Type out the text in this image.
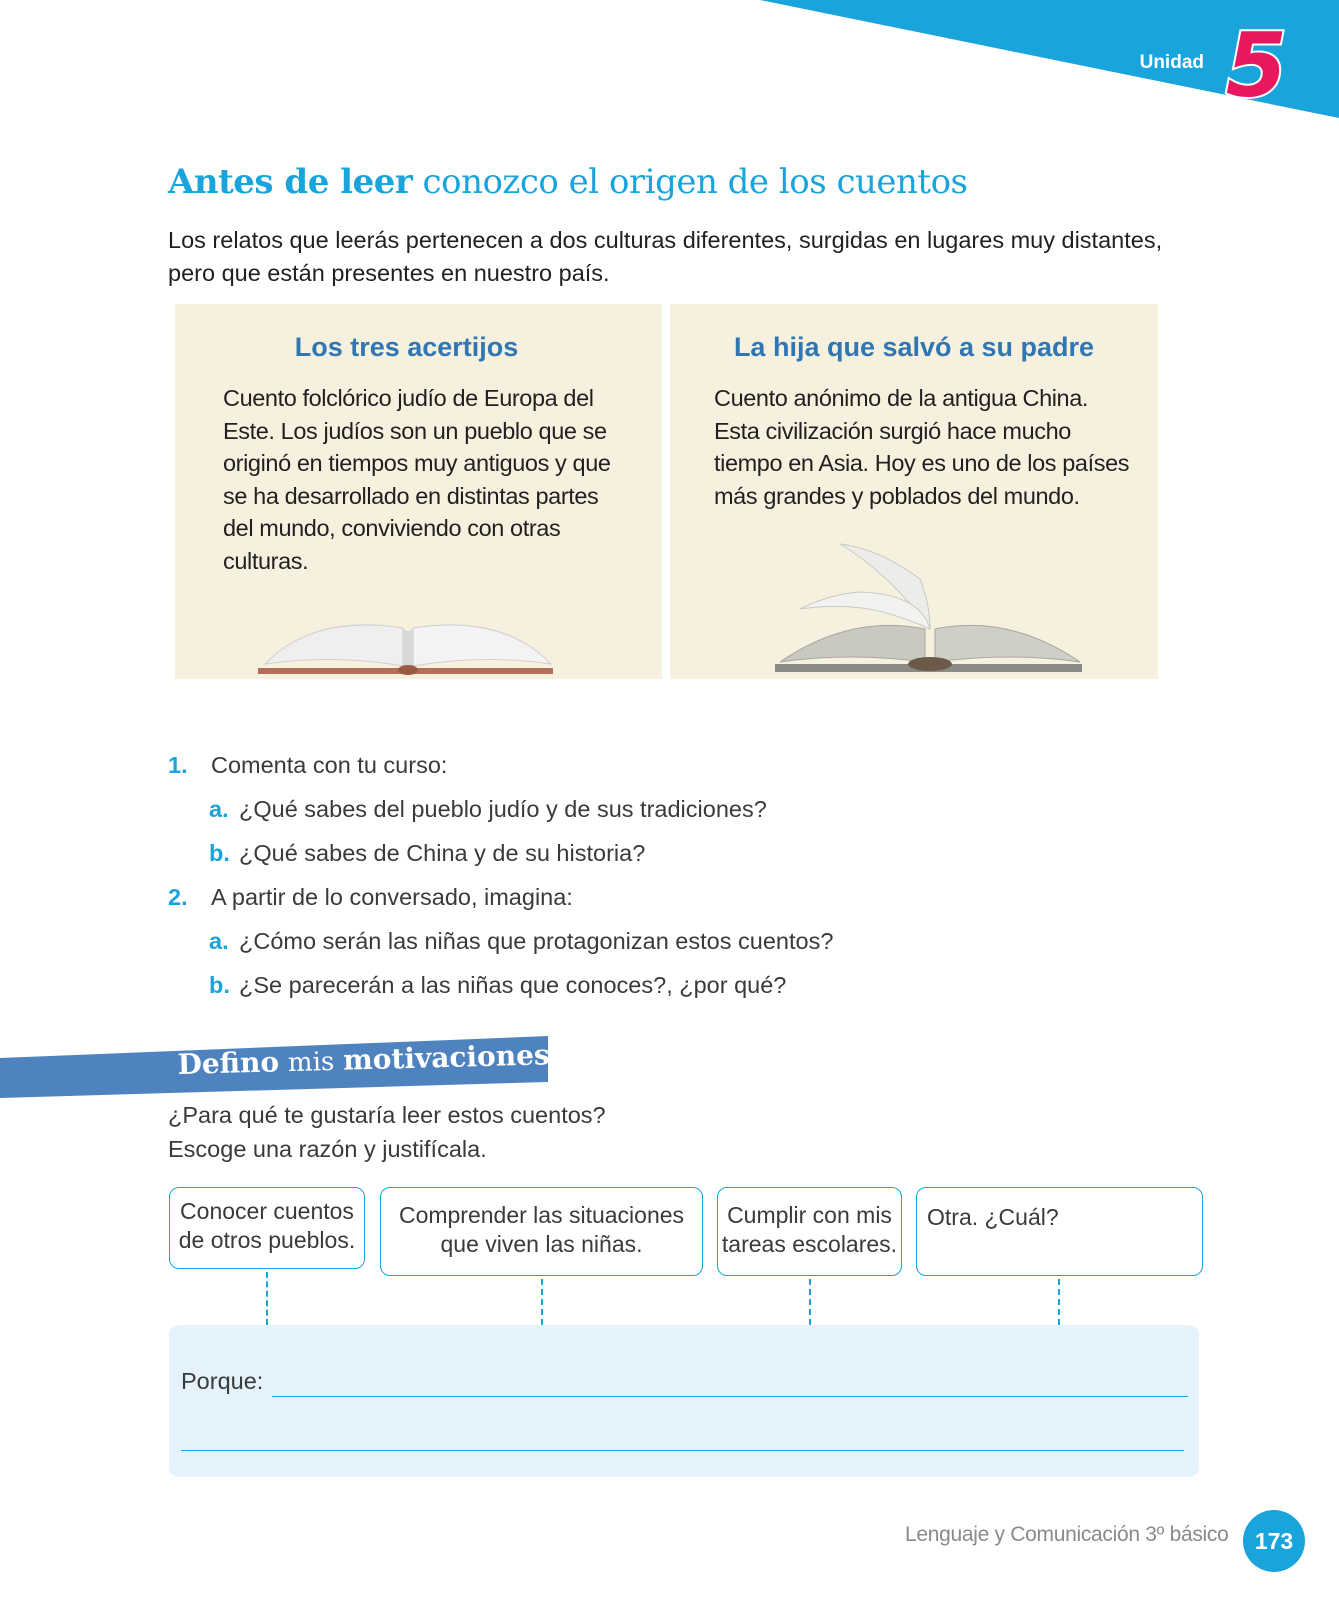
Unidad 5
Antes de leer conozco el origen de los cuentos
Los relatos que leerás pertenecen a dos culturas diferentes, surgidas en lugares muy distantes, pero que están presentes en nuestro país.
Los tres acertijos

Cuento folclórico judío de Europa del Este. Los judíos son un pueblo que se originó en tiempos muy antiguos y que se ha desarrollado en distintas partes del mundo, conviviendo con otras culturas.

La hija que salvó a su padre

Cuento anónimo de la antigua China. Esta civilización surgió hace mucho tiempo en Asia. Hoy es uno de los países más grandes y poblados del mundo.

1. Comenta con tu curso:
a. ¿Qué sabes del pueblo judío y de sus tradiciones?
b. ¿Qué sabes de China y de su historia?
2. A partir de lo conversado, imagina:
a. ¿Cómo serán las niñas que protagonizan estos cuentos?
b. ¿Se parecerán a las niñas que conoces?, ¿por qué?
Defino mis motivaciones
¿Para qué te gustaría leer estos cuentos?
Escoge una razón y justifícala.
Conocer cuentos
de otros pueblos.
Comprender las situaciones
que viven las niñas.
Cumplir con mis
tareas escolares.
Otra. ¿Cuál?
Porque:
Lenguaje y Comunicación 3º básico	173
